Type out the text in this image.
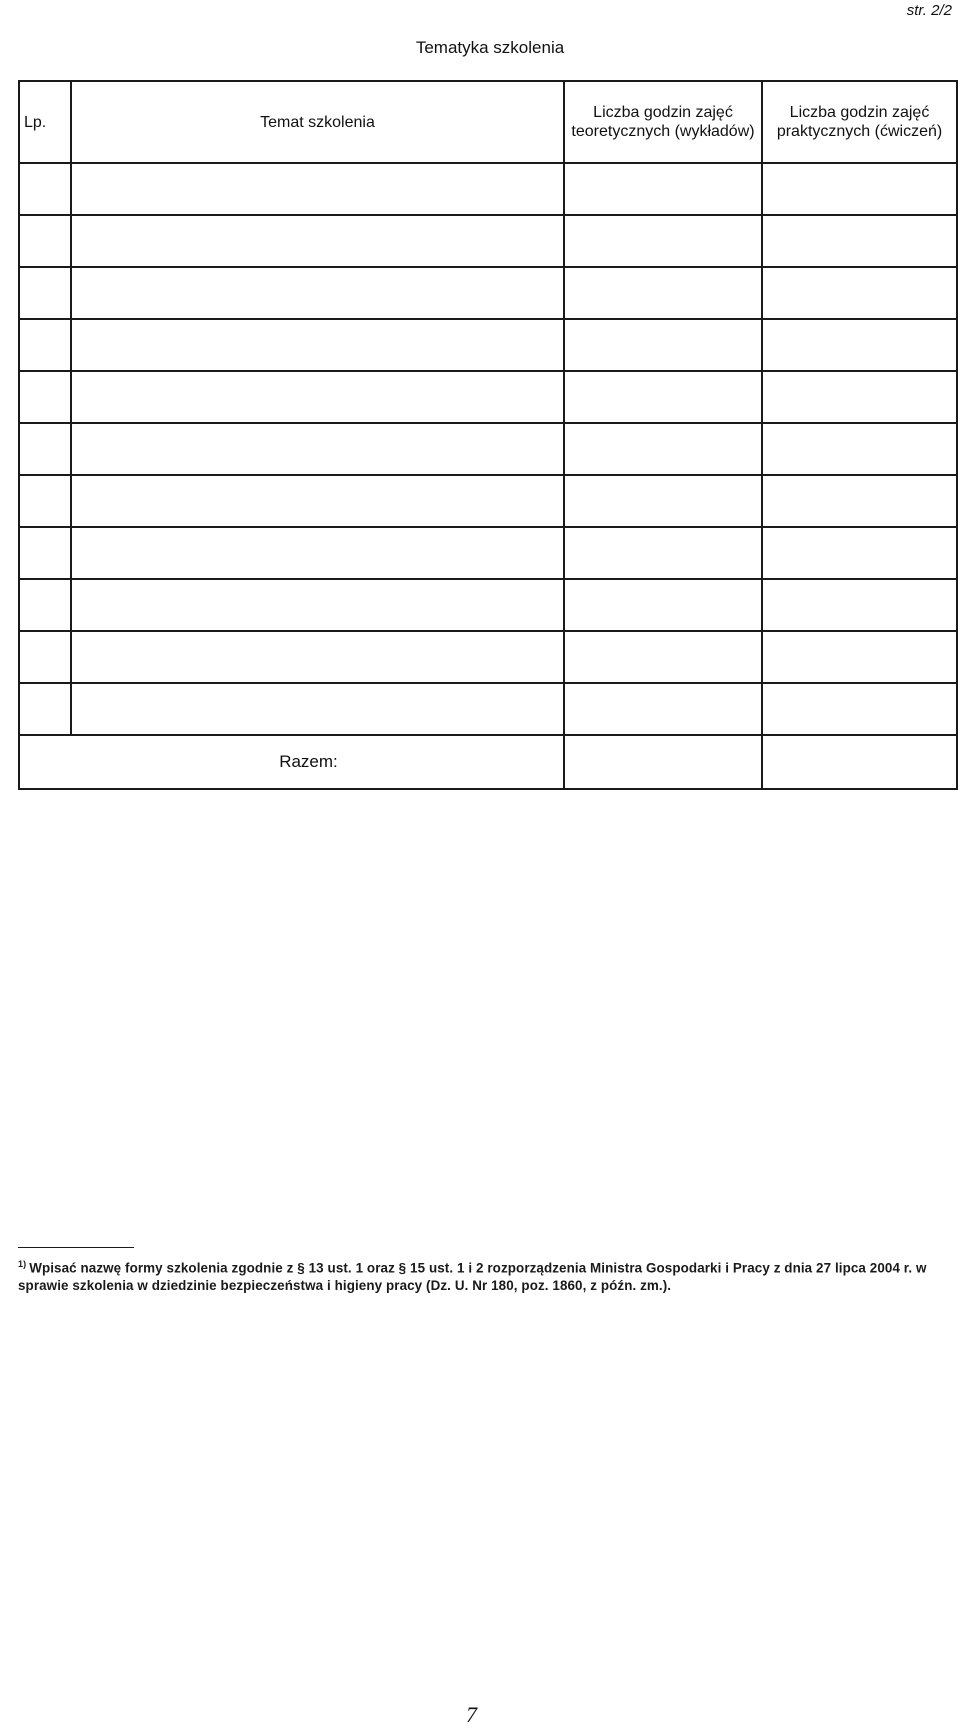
str. 2/2
Tematyka szkolenia
Lp.	Temat szkolenia	Liczba godzin zajęć teoretycznych (wykładów)	Liczba godzin zajęć praktycznych (ćwiczeń)

Razem:			
$^{1)}$ Wpisać nazwę formy szkolenia zgodnie z § 13 ust. 1 oraz § 15 ust. 1 i 2 rozporządzenia Ministra Gospodarki i Pracy z dnia 27 lipca 2004 r. w sprawie szkolenia w dziedzinie bezpieczeństwa i higieny pracy (Dz. U. Nr 180, poz. 1860, z późn. zm.).
7
